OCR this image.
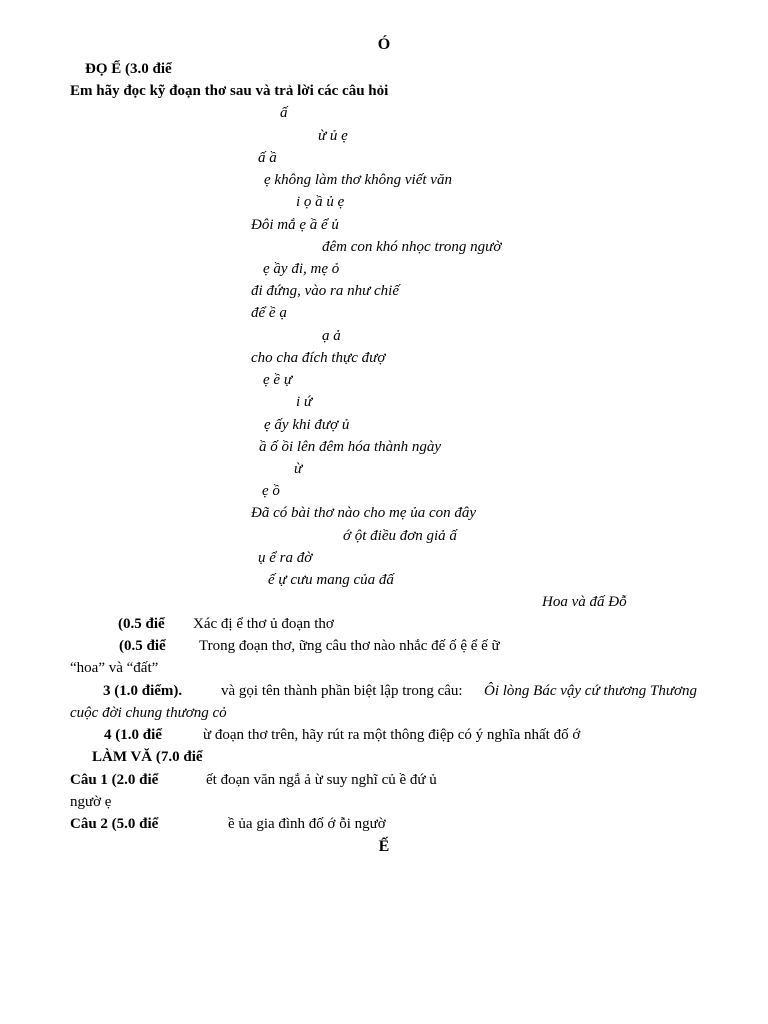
Ó
ĐỌ Ể (3.0 điể
Em hãy đọc kỹ đoạn thơ sau và trả lời các câu hỏi
ấ
ừ ủ ẹ
ấ ầ
ẹ không làm thơ không viết văn
i ọ ầ ủ ẹ
Đôi mắ ẹ ầ ể ủ
đêm con khó nhọc trong ngườ
ẹ ầy đi, mẹ ỏ
đi đứng, vào ra như chiế
để ề ạ
ạ ả
cho cha đích thực đượ
ẹ ề ự
i ứ
ẹ ấy khi đượ ủ
ầ ố ồi lên đêm hóa thành ngày
ừ
ẹ ồ
Đã có bài thơ nào cho mẹ ủa con đây
ớ ột điều đơn giả ấ
ụ ể ra đờ
ế ự cưu mang của đấ
Hoa và đấ Đỗ
(0.5 điể Xác đị ể thơ ủ đoạn thơ
(0.5 điể Trong đoạn thơ, ững câu thơ nào nhắc đế ố ệ ể ế ữ
“hoa” và “đất”
3 (1.0 điểm).	và gọi tên thành phần biệt lập trong câu: Ôi lòng Bác vậy cứ thương Thương
cuộc đời chung thương cỏ
4 (1.0 điể	ừ đoạn thơ trên, hãy rút ra một thông điệp có ý nghĩa nhất đố ớ
LÀM VĂ (7.0 điể
Câu 1 (2.0 điể	ết đoạn văn ngắ ả ừ suy nghĩ củ ề đứ ủ
ngườ ẹ
Câu 2 (5.0 điể	ề ủa gia đình đố ớ ỗi ngườ
Ế
